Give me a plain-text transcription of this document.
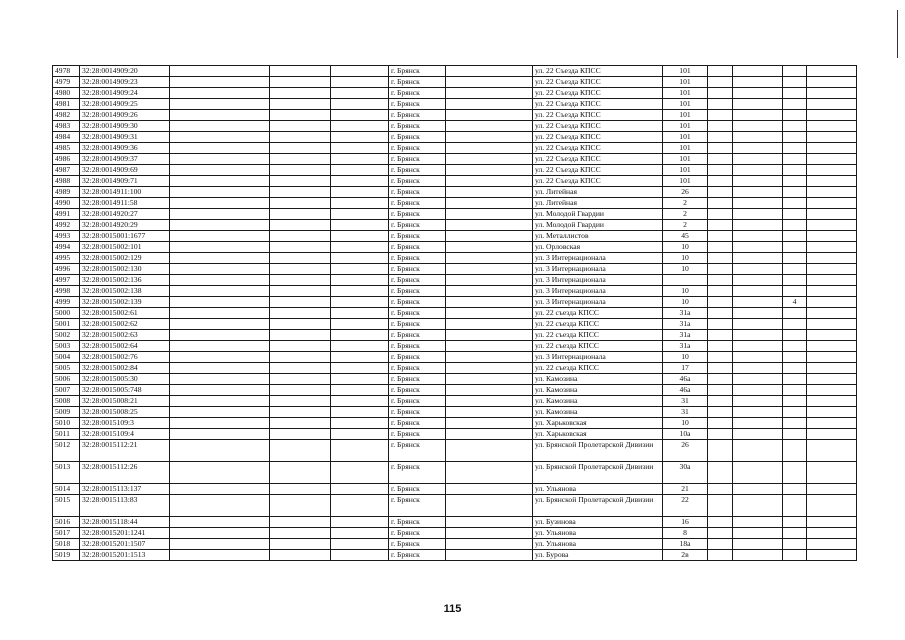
4978	32:28:0014909:20				г. Брянск		ул. 22 Съезда КПСС	101				
4979	32:28:0014909:23				г. Брянск		ул. 22 Съезда КПСС	101				
4980	32:28:0014909:24				г. Брянск		ул. 22 Съезда КПСС	101				
4981	32:28:0014909:25				г. Брянск		ул. 22 Съезда КПСС	101				
4982	32:28:0014909:26				г. Брянск		ул. 22 Съезда КПСС	101				
4983	32:28:0014909:30				г. Брянск		ул. 22 Съезда КПСС	101				
4984	32:28:0014909:31				г. Брянск		ул. 22 Съезда КПСС	101				
4985	32:28:0014909:36				г. Брянск		ул. 22 Съезда КПСС	101				
4986	32:28:0014909:37				г. Брянск		ул. 22 Съезда КПСС	101				
4987	32:28:0014909:69				г. Брянск		ул. 22 Съезда КПСС	101				
4988	32:28:0014909:71				г. Брянск		ул. 22 Съезда КПСС	101				
4989	32:28:0014911:100				г. Брянск		ул. Литейная	26				
4990	32:28:0014911:58				г. Брянск		ул. Литейная	2				
4991	32:28:0014920:27				г. Брянск		ул. Молодой Гвардии	2				
4992	32:28:0014920:29				г. Брянск		ул. Молодой Гвардии	2				
4993	32:28:0015001:1677				г. Брянск		ул. Металлистов	45				
4994	32:28:0015002:101				г. Брянск		ул. Орловская	10				
4995	32:28:0015002:129				г. Брянск		ул. 3 Интернационала	10				
4996	32:28:0015002:130				г. Брянск		ул. 3 Интернационала	10				
4997	32:28:0015002:136				г. Брянск		ул. 3 Интернационала					
4998	32:28:0015002:138				г. Брянск		ул. 3 Интернационала	10				
4999	32:28:0015002:139				г. Брянск		ул. 3 Интернационала	10			4	
5000	32:28:0015002:61				г. Брянск		ул. 22 съезда КПСС	31а				
5001	32:28:0015002:62				г. Брянск		ул. 22 съезда КПСС	31а				
5002	32:28:0015002:63				г. Брянск		ул. 22 съезда КПСС	31а				
5003	32:28:0015002:64				г. Брянск		ул. 22 съезда КПСС	31а				
5004	32:28:0015002:76				г. Брянск		ул. 3 Интернационала	10				
5005	32:28:0015002:84				г. Брянск		ул. 22 съезда КПСС	17				
5006	32:28:0015005:30				г. Брянск		ул. Камозина	46а				
5007	32:28:0015005:748				г. Брянск		ул. Камозина	46а				
5008	32:28:0015008:21				г. Брянск		ул. Камозина	31				
5009	32:28:0015008:25				г. Брянск		ул. Камозина	31				
5010	32:28:0015109:3				г. Брянск		ул. Харьковская	10				
5011	32:28:0015109:4				г. Брянск		ул. Харьковская	10а				
5012	32:28:0015112:21				г. Брянск		ул. Брянской Пролетарской Дивизии	26				
5013	32:28:0015112:26				г. Брянск		ул. Брянской Пролетарской Дивизии	30а				
5014	32:28:0015113:137				г. Брянск		ул. Ульянова	21				
5015	32:28:0015113:83				г. Брянск		ул. Брянской Пролетарской Дивизии	22				
5016	32:28:0015118:44				г. Брянск		ул. Бузинова	16				
5017	32:28:0015201:1241				г. Брянск		ул. Ульянова	8				
5018	32:28:0015201:1507				г. Брянск		ул. Ульянова	18а				
5019	32:28:0015201:1513				г. Брянск		ул. Бурова	2в				
115
